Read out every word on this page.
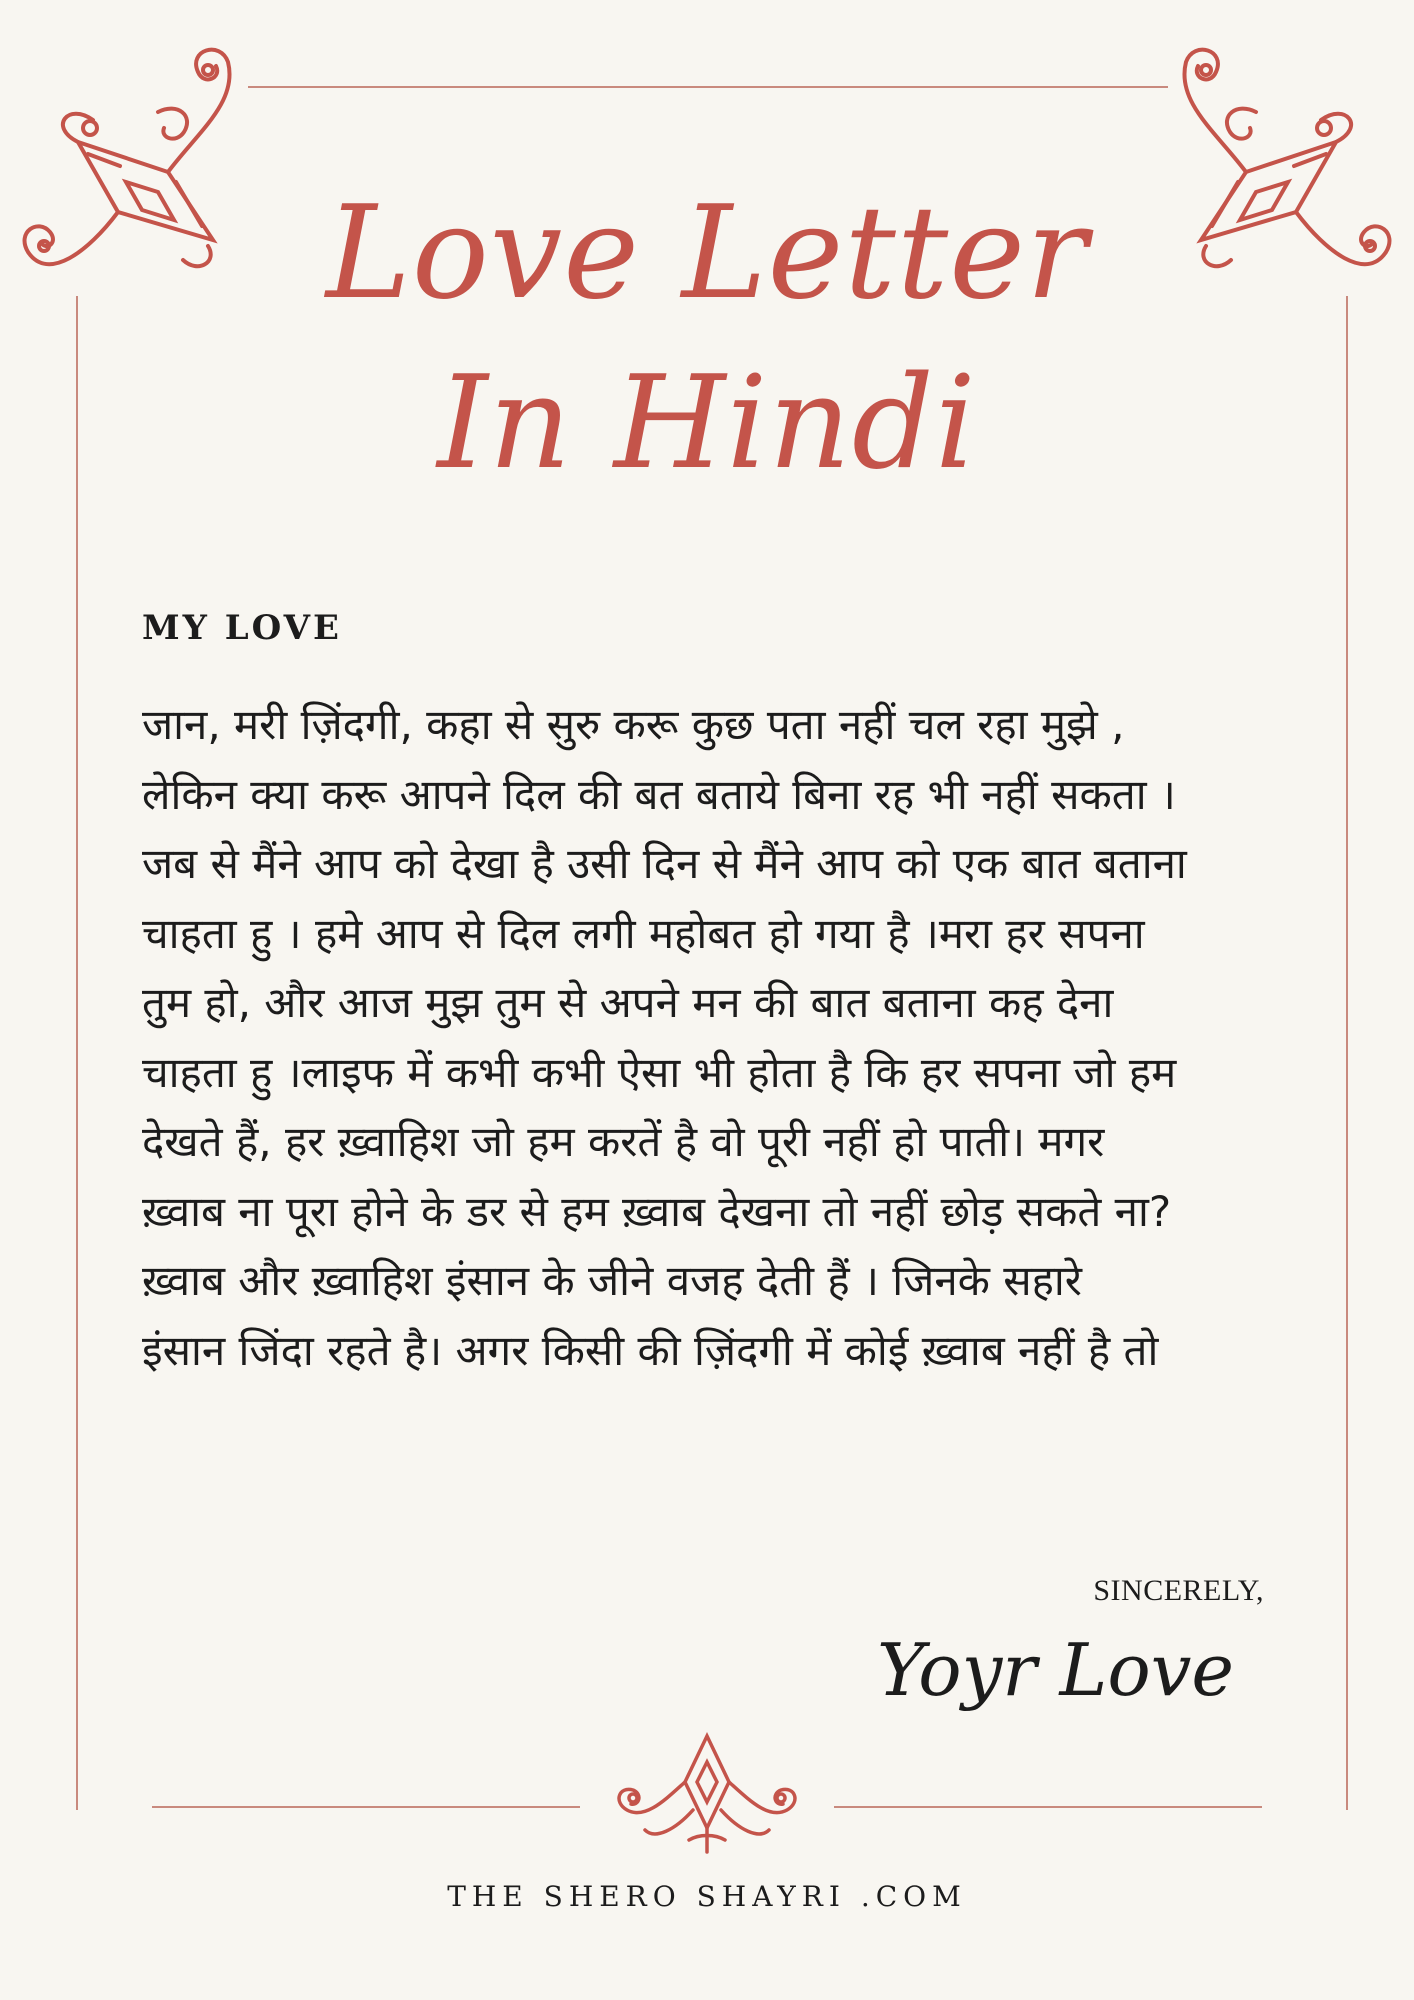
Love Letter
In Hindi
MY LOVE
जान, मरी ज़िंदगी, कहा से सुरु करू कुछ पता नहीं चल रहा मुझे ,
लेकिन क्या करू आपने दिल की बत बताये बिना रह भी नहीं सकता ।
जब से मैंने आप को देखा है उसी दिन से मैंने आप को एक बात बताना
चाहता हु । हमे आप से दिल लगी महोबत हो गया है ।मरा हर सपना
तुम हो, और आज मुझ तुम से अपने मन की बात बताना कह देना
चाहता हु ।लाइफ में कभी कभी ऐसा भी होता है कि हर सपना जो हम
देखते हैं, हर ख़्वाहिश जो हम करतें है वो पूरी नहीं हो पाती। मगर
ख़्वाब ना पूरा होने के डर से हम ख़्वाब देखना तो नहीं छोड़ सकते ना?
ख़्वाब और ख़्वाहिश इंसान के जीने वजह देती हैं । जिनके सहारे
इंसान जिंदा रहते है। अगर किसी की ज़िंदगी में कोई ख़्वाब नहीं है तो
SINCERELY,
Yoyr Love
THE SHERO SHAYRI .COM
